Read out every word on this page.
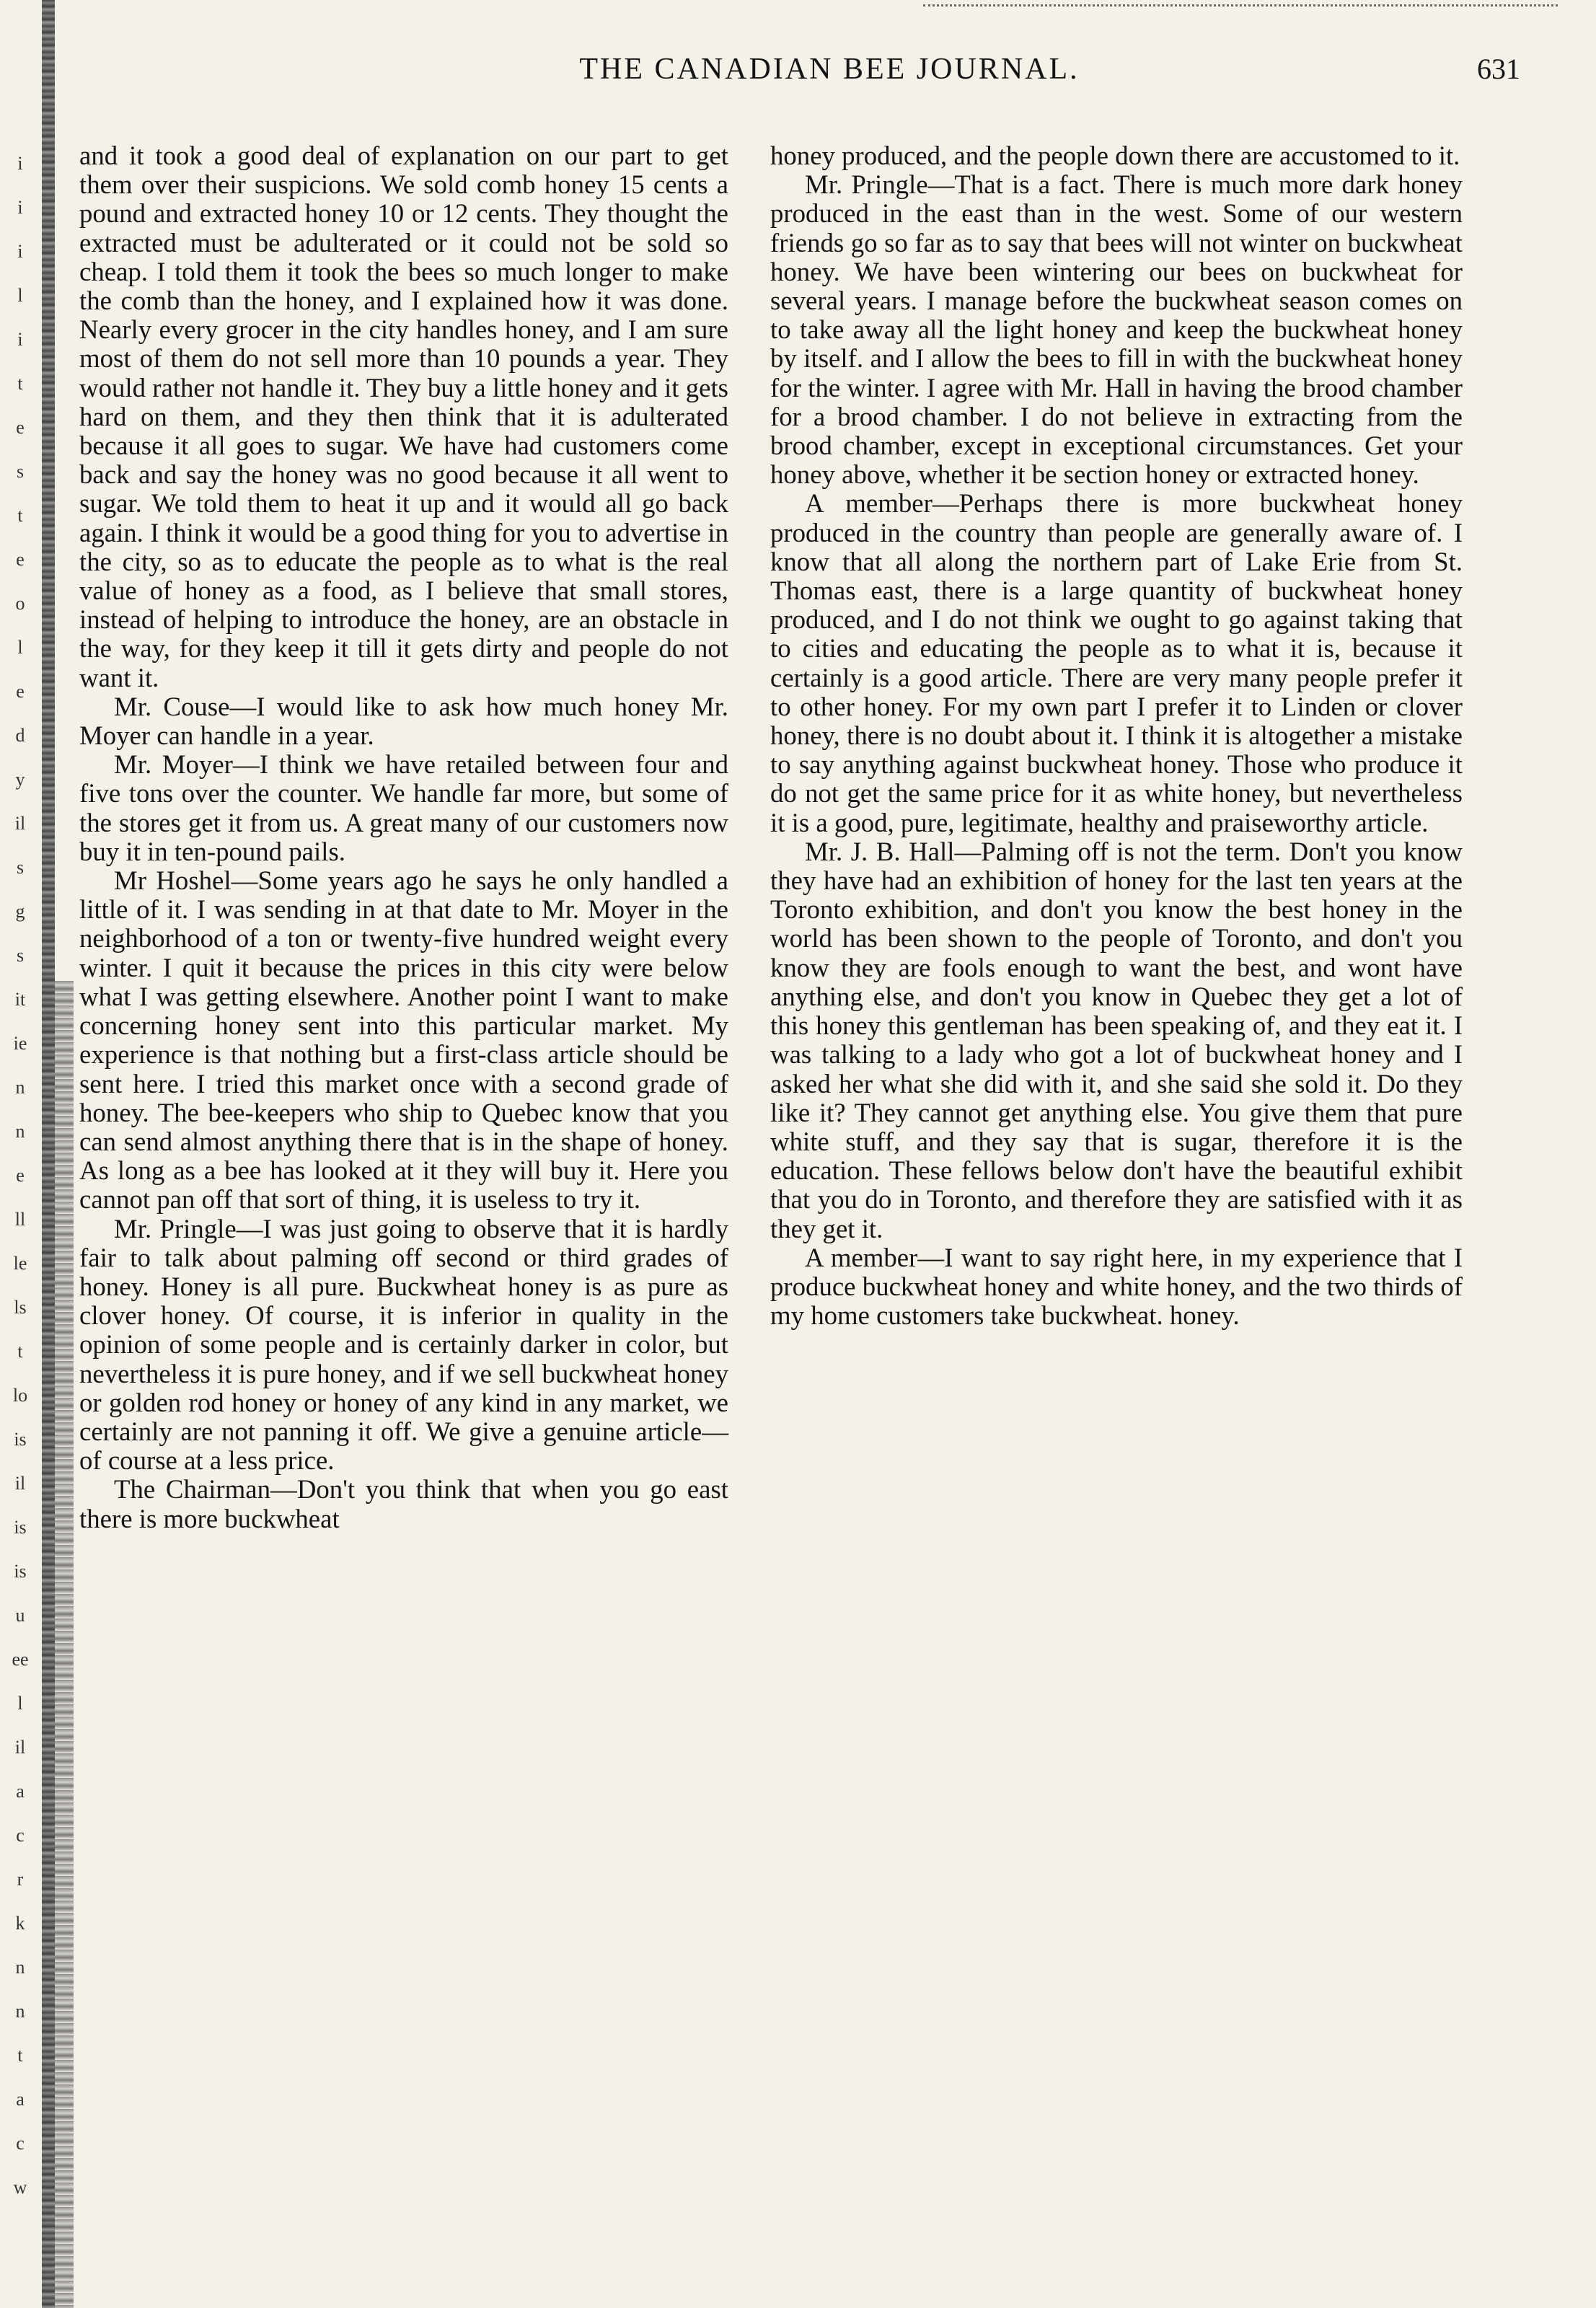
i
i
i
l
i
t
e
s
t
e
o
l
e
d
y
il
s
g
s
it
ie
n
n
e
ll
le
ls
t
lo
is
il
is
is
u
ee
l
il
a
c
r
k
n
n
t
a
c
w
THE CANADIAN BEE JOURNAL.	631

and it took a good deal of explanation on our part to get them over their suspicions. We sold comb honey 15 cents a pound and extracted honey 10 or 12 cents. They thought the extracted must be adulterated or it could not be sold so cheap. I told them it took the bees so much longer to make the comb than the honey, and I explained how it was done. Nearly every grocer in the city handles honey, and I am sure most of them do not sell more than 10 pounds a year. They would rather not handle it. They buy a little honey and it gets hard on them, and they then think that it is adulterated because it all goes to sugar. We have had customers come back and say the honey was no good because it all went to sugar. We told them to heat it up and it would all go back again. I think it would be a good thing for you to advertise in the city, so as to educate the people as to what is the real value of honey as a food, as I believe that small stores, instead of helping to introduce the honey, are an obstacle in the way, for they keep it till it gets dirty and people do not want it.

Mr. Couse—I would like to ask how much honey Mr. Moyer can handle in a year.

Mr. Moyer—I think we have retailed between four and five tons over the counter. We handle far more, but some of the stores get it from us. A great many of our customers now buy it in ten-pound pails.

Mr Hoshel—Some years ago he says he only handled a little of it. I was sending in at that date to Mr. Moyer in the neighborhood of a ton or twenty-five hundred weight every winter. I quit it because the prices in this city were below what I was getting elsewhere. Another point I want to make concerning honey sent into this particular market. My experience is that nothing but a first-class article should be sent here. I tried this market once with a second grade of honey. The bee-keepers who ship to Quebec know that you can send almost anything there that is in the shape of honey. As long as a bee has looked at it they will buy it. Here you cannot pan off that sort of thing, it is useless to try it.

Mr. Pringle—I was just going to observe that it is hardly fair to talk about palming off second or third grades of honey. Honey is all pure. Buckwheat honey is as pure as clover honey. Of course, it is inferior in quality in the opinion of some people and is certainly darker in color, but nevertheless it is pure honey, and if we sell buckwheat honey or golden rod honey or honey of any kind in any market, we certainly are not panning it off. We give a genuine article—of course at a less price.

The Chairman—Don't you think that when you go east there is more buckwheat

honey produced, and the people down there are accustomed to it.

Mr. Pringle—That is a fact. There is much more dark honey produced in the east than in the west. Some of our western friends go so far as to say that bees will not winter on buckwheat honey. We have been wintering our bees on buckwheat for several years. I manage before the buckwheat season comes on to take away all the light honey and keep the buckwheat honey by itself. and I allow the bees to fill in with the buckwheat honey for the winter. I agree with Mr. Hall in having the brood chamber for a brood chamber. I do not believe in extracting from the brood chamber, except in exceptional circumstances. Get your honey above, whether it be section honey or extracted honey.

A member—Perhaps there is more buckwheat honey produced in the country than people are generally aware of. I know that all along the northern part of Lake Erie from St. Thomas east, there is a large quantity of buckwheat honey produced, and I do not think we ought to go against taking that to cities and educating the people as to what it is, because it certainly is a good article. There are very many people prefer it to other honey. For my own part I prefer it to Linden or clover honey, there is no doubt about it. I think it is altogether a mistake to say anything against buckwheat honey. Those who produce it do not get the same price for it as white honey, but nevertheless it is a good, pure, legitimate, healthy and praiseworthy article.

Mr. J. B. Hall—Palming off is not the term. Don't you know they have had an exhibition of honey for the last ten years at the Toronto exhibition, and don't you know the best honey in the world has been shown to the people of Toronto, and don't you know they are fools enough to want the best, and wont have anything else, and don't you know in Quebec they get a lot of this honey this gentleman has been speaking of, and they eat it. I was talking to a lady who got a lot of buckwheat honey and I asked her what she did with it, and she said she sold it. Do they like it? They cannot get anything else. You give them that pure white stuff, and they say that is sugar, therefore it is the education. These fellows below don't have the beautiful exhibit that you do in Toronto, and therefore they are satisfied with it as they get it.

A member—I want to say right here, in my experience that I produce buckwheat honey and white honey, and the two thirds of my home customers take buckwheat. honey.
